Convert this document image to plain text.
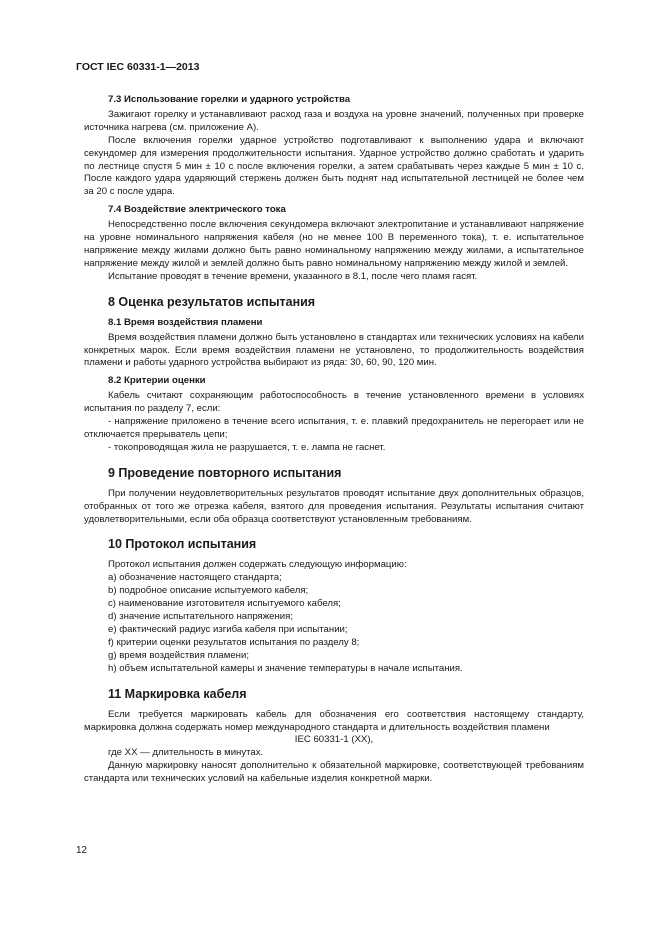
ГОСТ IEC 60331-1—2013

7.3 Использование горелки и ударного устройства

Зажигают горелку и устанавливают расход газа и воздуха на уровне значений, полученных при проверке источника нагрева (см. приложение А).

После включения горелки ударное устройство подготавливают к выполнению удара и включают секундомер для измерения продолжительности испытания. Ударное устройство должно сработать и ударить по лестнице спустя 5 мин ± 10 с после включения горелки, а затем срабатывать через каждые 5 мин ± 10 с. После каждого удара ударяющий стержень должен быть поднят над испытательной лестницей не более чем за 20 с после удара.

7.4 Воздействие электрического тока

Непосредственно после включения секундомера включают электропитание и устанавливают напряжение на уровне номинального напряжения кабеля (но не менее 100 В переменного тока), т. е. испытательное напряжение между жилами должно быть равно номинальному напряжению между жилами, а испытательное напряжение между жилой и землей должно быть равно номинальному напряжению между жилой и землей.

Испытание проводят в течение времени, указанного в 8.1, после чего пламя гасят.

8 Оценка результатов испытания

8.1 Время воздействия пламени

Время воздействия пламени должно быть установлено в стандартах или технических условиях на кабели конкретных марок. Если время воздействия пламени не установлено, то продолжительность воздействия пламени и работы ударного устройства выбирают из ряда: 30, 60, 90, 120 мин.

8.2 Критерии оценки

Кабель считают сохраняющим работоспособность в течение установленного времени в условиях испытания по разделу 7, если:

- напряжение приложено в течение всего испытания, т. е. плавкий предохранитель не перегорает или не отключается прерыватель цепи;

- токопроводящая жила не разрушается, т. е. лампа не гаснет.

9 Проведение повторного испытания

При получении неудовлетворительных результатов проводят испытание двух дополнительных образцов, отобранных от того же отрезка кабеля, взятого для проведения испытания. Результаты испытания считают удовлетворительными, если оба образца соответствуют установленным требованиям.

10 Протокол испытания

Протокол испытания должен содержать следующую информацию:

a) обозначение настоящего стандарта;

b) подробное описание испытуемого кабеля;

c) наименование изготовителя испытуемого кабеля;

d) значение испытательного напряжения;

e) фактический радиус изгиба кабеля при испытании;

f) критерии оценки результатов испытания по разделу 8;

g) время воздействия пламени;

h) объем испытательной камеры и значение температуры в начале испытания.

11 Маркировка кабеля

Если требуется маркировать кабель для обозначения его соответствия настоящему стандарту, маркировка должна содержать номер международного стандарта и длительность воздействия пламени

IEC 60331-1 (XX),

где XX — длительность в минутах.

Данную маркировку наносят дополнительно к обязательной маркировке, соответствующей требованиям стандарта или технических условий на кабельные изделия конкретной марки.

12
